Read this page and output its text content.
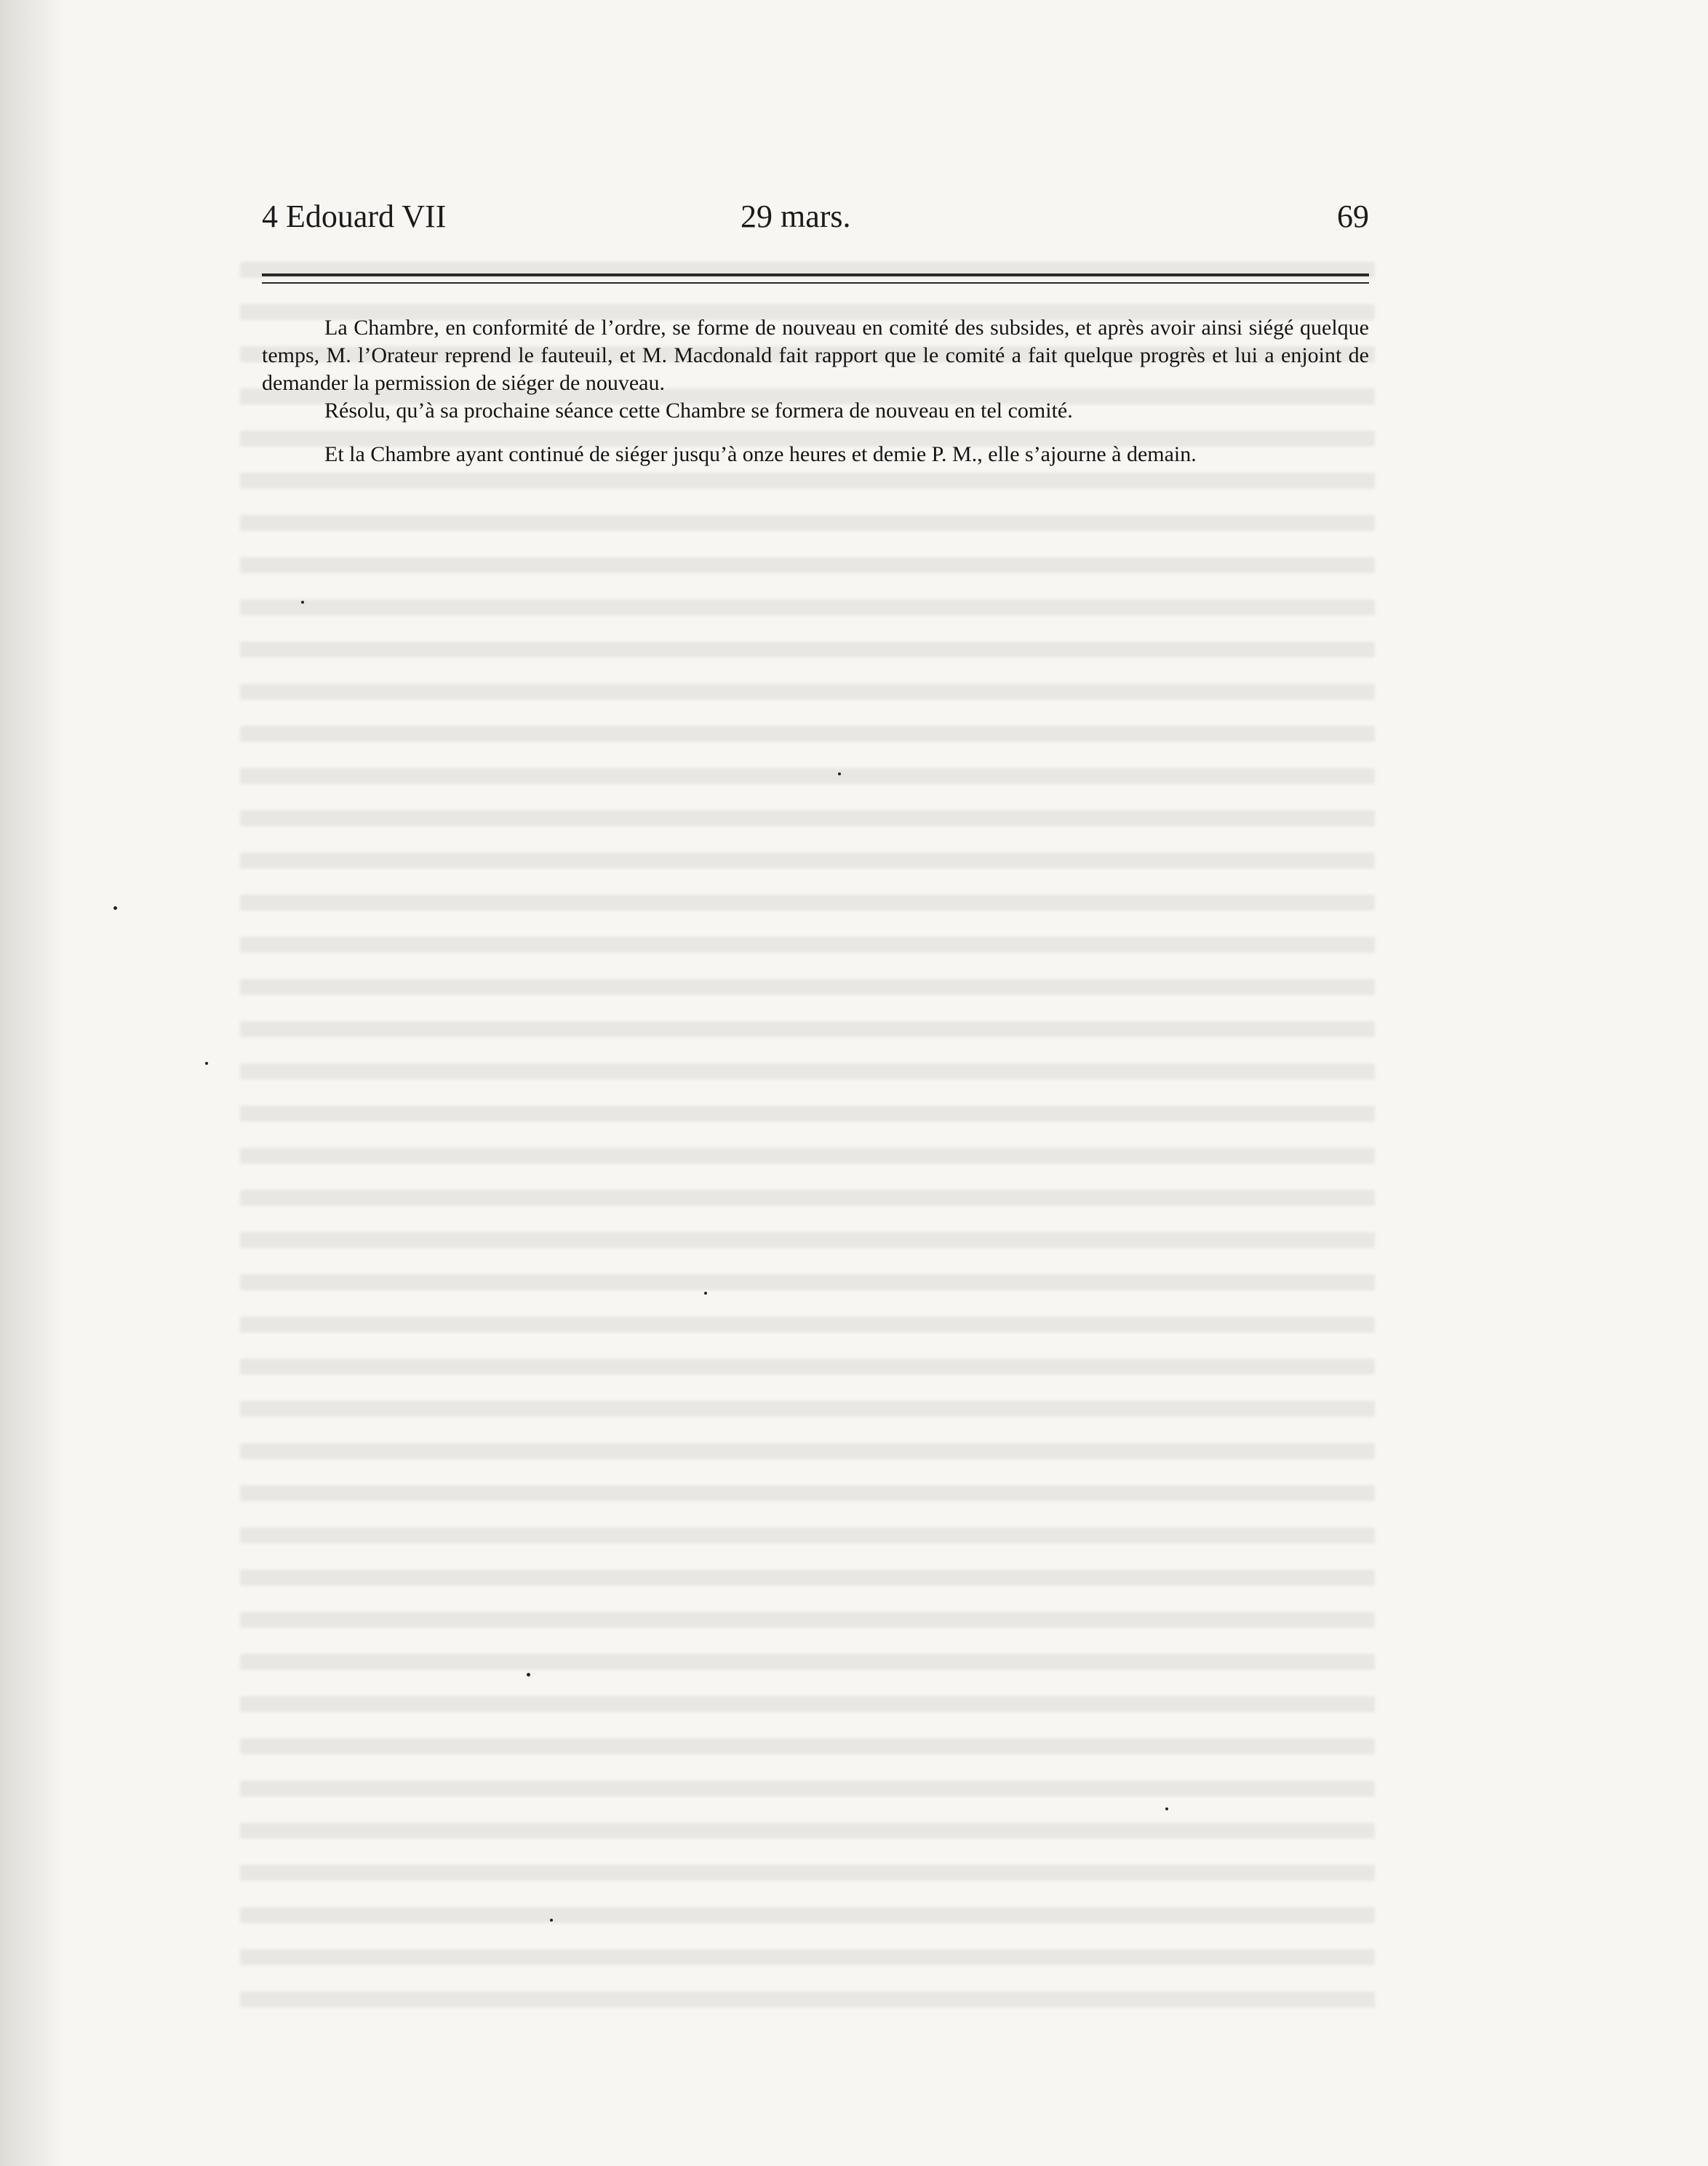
4 Edouard VII	29 mars.	69

La Chambre, en conformité de l’ordre, se forme de nouveau en comité des subsides, et après avoir ainsi siégé quelque temps, M. l’Orateur reprend le fauteuil, et M. Macdonald fait rapport que le comité a fait quelque progrès et lui a enjoint de demander la permission de siéger de nouveau.

Résolu, qu’à sa prochaine séance cette Chambre se formera de nouveau en tel comité.

Et la Chambre ayant continué de siéger jusqu’à onze heures et demie P. M., elle s’ajourne à demain.
